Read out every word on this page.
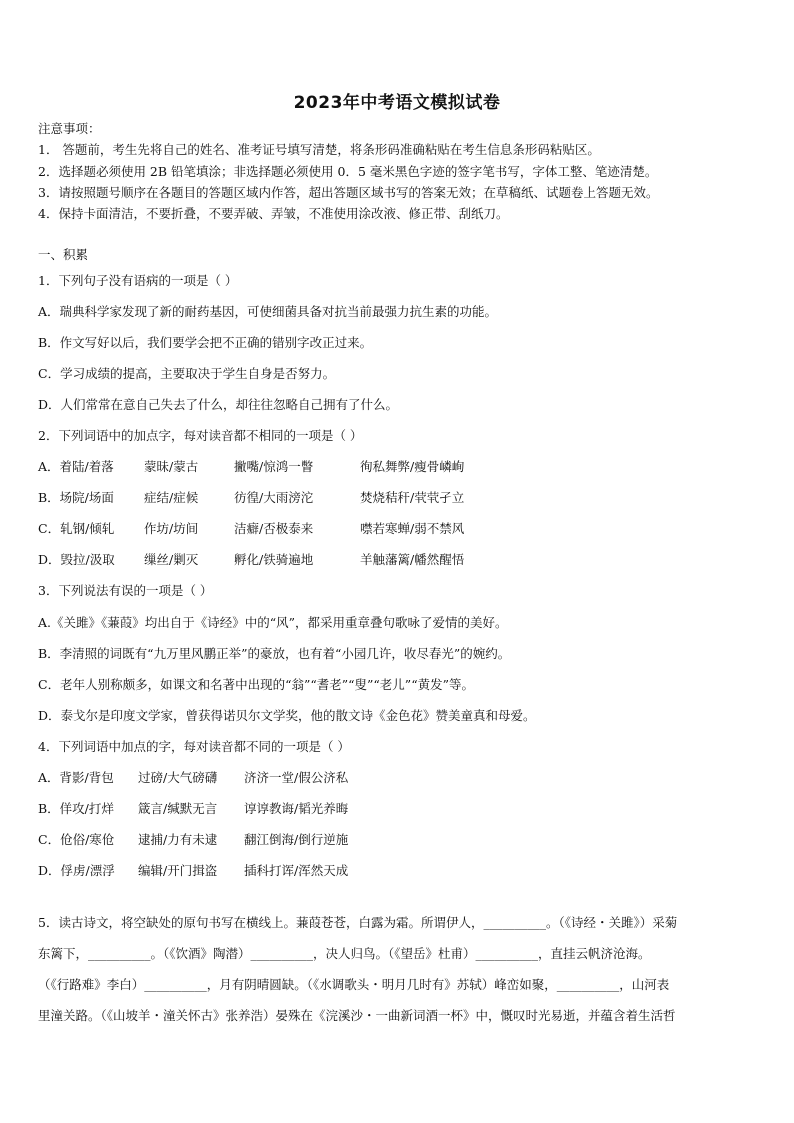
2023年中考语文模拟试卷
注意事项：
1． 答题前，考生先将自己的姓名、准考证号填写清楚，将条形码准确粘贴在考生信息条形码粘贴区。
2．选择题必须使用 2B 铅笔填涂；非选择题必须使用 0．5 毫米黑色字迹的签字笔书写，字体工整、笔迹清楚。
3．请按照题号顺序在各题目的答题区域内作答，超出答题区域书写的答案无效；在草稿纸、试题卷上答题无效。
4．保持卡面清洁，不要折叠，不要弄破、弄皱，不准使用涂改液、修正带、刮纸刀。
一、积累
1．下列句子没有语病的一项是（ ）
A．瑞典科学家发现了新的耐药基因，可使细菌具备对抗当前最强力抗生素的功能。
B．作文写好以后，我们要学会把不正确的错别字改正过来。
C．学习成绩的提高，主要取决于学生自身是否努力。
D．人们常常在意自己失去了什么，却往往忽略自己拥有了什么。
2．下列词语中的加点字，每对读音都不相同的一项是（ ）
A．着陆/着落 蒙昧/蒙古	撇嘴/惊鸿一瞥	徇私舞弊/瘦骨嶙峋
B．场院/场面 症结/症候	彷徨/大雨滂沱	焚烧秸秆/茕茕孑立
C．轧钢/倾轧 作坊/坊间	洁癖/否极泰来	噤若寒蝉/弱不禁风
D．毁拉/汲取 缫丝/剿灭	孵化/铁骑遍地	羊触藩篱/幡然醒悟
3．下列说法有误的一项是（ ）
A.《关雎》《蒹葭》均出自于《诗经》中的“风”，都采用重章叠句歌咏了爱情的美好。
B．李清照的词既有“九万里风鹏正举”的豪放，也有着“小园几许，收尽春光”的婉约。
C．老年人别称颇多，如课文和名著中出现的“翁”“耆老”“叟”“老儿”“黄发”等。
D．泰戈尔是印度文学家，曾获得诺贝尔文学奖，他的散文诗《金色花》赞美童真和母爱。
4．下列词语中加点的字，每对读音都不同的一项是（ ）
A．背影/背包 过磅/大气磅礴 济济一堂/假公济私
B．佯攻/打烊 箴言/缄默无言 谆谆教诲/韬光养晦
C．伧俗/寒伧 逮捕/力有未逮 翻江倒海/倒行逆施
D．俘虏/漂浮 编辑/开门揖盗 插科打诨/浑然天成
5．读古诗文，将空缺处的原句书写在横线上。蒹葭苍苍，白露为霜。所谓伊人，__________。（《诗经・关雎》）采菊
东篱下，__________。（《饮酒》陶潜）__________，决人归鸟。（《望岳》杜甫）__________，直挂云帆济沧海。
（《行路难》李白）__________，月有阴晴圆缺。（《水调歌头・明月几时有》苏轼）峰峦如聚，__________，山河表
里潼关路。（《山坡羊・潼关怀古》张养浩）晏殊在《浣溪沙・一曲新词酒一杯》中，慨叹时光易逝，并蕴含着生活哲
